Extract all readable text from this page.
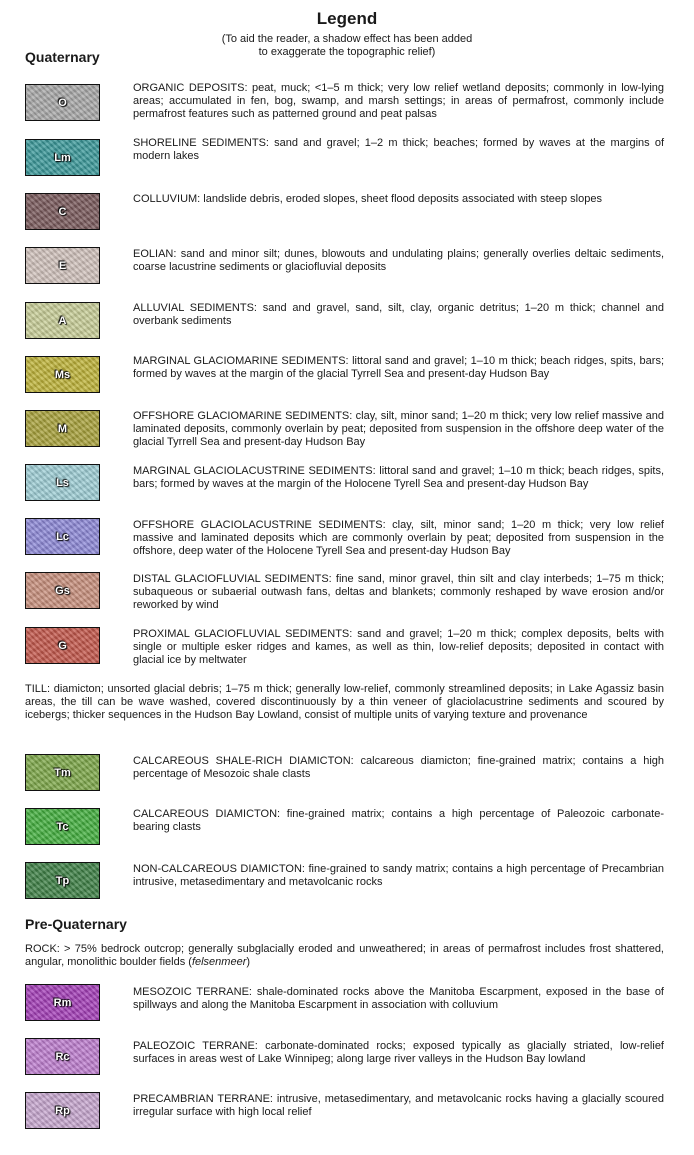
Legend
(To aid the reader, a shadow effect has been added
to exaggerate the topographic relief)
Quaternary
O
ORGANIC DEPOSITS: peat, muck; <1–5 m thick; very low relief wetland deposits; commonly in low-lying areas; accumulated in fen, bog, swamp, and marsh settings; in areas of permafrost, commonly include permafrost features such as patterned ground and peat palsas
Lm
SHORELINE SEDIMENTS: sand and gravel; 1–2 m thick; beaches; formed by waves at the margins of modern lakes
C
COLLUVIUM: landslide debris, eroded slopes, sheet flood deposits associated with steep slopes
E
EOLIAN: sand and minor silt; dunes, blowouts and undulating plains; generally overlies deltaic sediments, coarse lacustrine sediments or glaciofluvial deposits
A
ALLUVIAL SEDIMENTS: sand and gravel, sand, silt, clay, organic detritus; 1–20 m thick; channel and overbank sediments
Ms
MARGINAL GLACIOMARINE SEDIMENTS: littoral sand and gravel; 1–10 m thick; beach ridges, spits, bars; formed by waves at the margin of the glacial Tyrrell Sea and present-day Hudson Bay
M
OFFSHORE GLACIOMARINE SEDIMENTS: clay, silt, minor sand; 1–20 m thick; very low relief massive and laminated deposits, commonly overlain by peat; deposited from suspension in the offshore deep water of the glacial Tyrrell Sea and present-day Hudson Bay
Ls
MARGINAL GLACIOLACUSTRINE SEDIMENTS: littoral sand and gravel; 1–10 m thick; beach ridges, spits, bars; formed by waves at the margin of the Holocene Tyrell Sea and present-day Hudson Bay
Lc
OFFSHORE GLACIOLACUSTRINE SEDIMENTS: clay, silt, minor sand; 1–20 m thick; very low relief massive and laminated deposits which are commonly overlain by peat; deposited from suspension in the offshore, deep water of the Holocene Tyrell Sea and present-day Hudson Bay
Gs
DISTAL GLACIOFLUVIAL SEDIMENTS: fine sand, minor gravel, thin silt and clay interbeds; 1–75 m thick; subaqueous or subaerial outwash fans, deltas and blankets; commonly reshaped by wave erosion and/or reworked by wind
G
PROXIMAL GLACIOFLUVIAL SEDIMENTS: sand and gravel; 1–20 m thick; complex deposits, belts with single or multiple esker ridges and kames, as well as thin, low-relief deposits; deposited in contact with glacial ice by meltwater
TILL: diamicton; unsorted glacial debris; 1–75 m thick; generally low-relief, commonly streamlined deposits; in Lake Agassiz basin areas, the till can be wave washed, covered discontinuously by a thin veneer of glaciolacustrine sediments and scoured by icebergs; thicker sequences in the Hudson Bay Lowland, consist of multiple units of varying texture and provenance
Tm
CALCAREOUS SHALE-RICH DIAMICTON: calcareous diamicton; fine-grained matrix; contains a high percentage of Mesozoic shale clasts
Tc
CALCAREOUS DIAMICTON: fine-grained matrix; contains a high percentage of Paleozoic carbonate-bearing clasts
Tp
NON-CALCAREOUS DIAMICTON: fine-grained to sandy matrix; contains a high percentage of Precambrian intrusive, metasedimentary and metavolcanic rocks
Pre-Quaternary
ROCK: > 75% bedrock outcrop; generally subglacially eroded and unweathered; in areas of permafrost includes frost shattered, angular, monolithic boulder fields (felsenmeer)
Rm
MESOZOIC TERRANE: shale-dominated rocks above the Manitoba Escarpment, exposed in the base of spillways and along the Manitoba Escarpment in association with colluvium
Rc
PALEOZOIC TERRANE: carbonate-dominated rocks; exposed typically as glacially striated, low-relief surfaces in areas west of Lake Winnipeg; along large river valleys in the Hudson Bay lowland
Rp
PRECAMBRIAN TERRANE: intrusive, metasedimentary, and metavolcanic rocks having a glacially scoured irregular surface with high local relief
